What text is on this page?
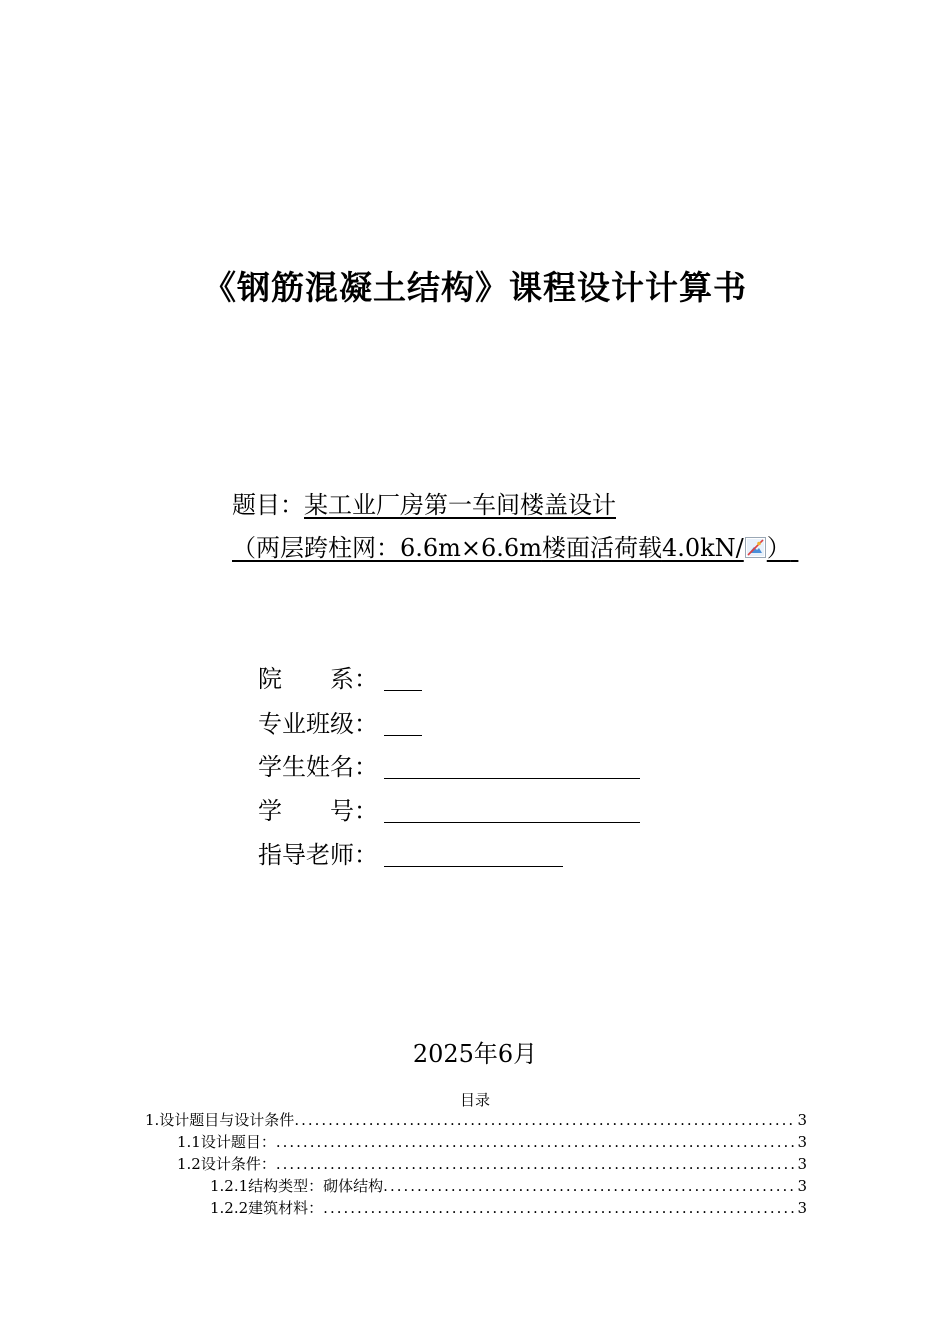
《钢筋混凝土结构》课程设计计算书
题目：某工业厂房第一车间楼盖设计
（两层跨柱网：6.6m×6.6m楼面活荷载4.0kN/ ）
院　　系：
专业班级：
学生姓名：
学　　号：
指导老师：
2025年6月
目录
1.设计题目与设计条件 .....	3
1.1设计题目： .....	3
1.2设计条件： .....	3
1.2.1结构类型：砌体结构 .....	3
1.2.2建筑材料： .....	3
